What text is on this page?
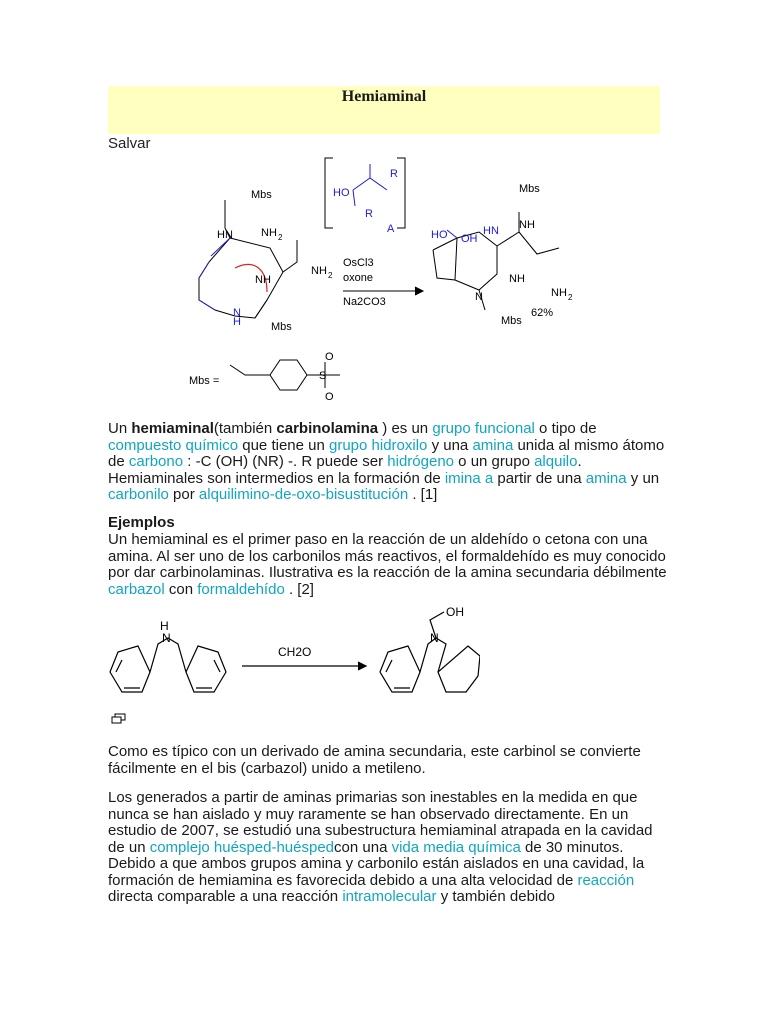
Hemiaminal
Salvar
Mbs
HN	NH 2
NH
NH 2
Mbs
H
N
HO
R
R
A
OsCl3
oxone
Na2CO3
Mbs
NH
HO OH
HN
NH
N	NH 2
Mbs
62%
Mbs =
O
O
S

Un hemiaminal(también carbinolamina ) es un grupo funcional o tipo de compuesto químico que tiene un grupo hidroxilo y una amina unida al mismo átomo de carbono : -C (OH) (NR) -. R puede ser hidrógeno o un grupo alquilo. Hemiaminales son intermedios en la formación de imina a partir de una amina y un carbonilo por alquilimino-de-oxo-bisustitución . [1]

Ejemplos

Un hemiaminal es el primer paso en la reacción de un aldehído o cetona con una amina. Al ser uno de los carbonilos más reactivos, el formaldehído es muy conocido por dar carbinolaminas. Ilustrativa es la reacción de la amina secundaria débilmente carbazol con formaldehído . [2]

H
N	N
OH
CH2O

Como es típico con un derivado de amina secundaria, este carbinol se convierte fácilmente en el bis (carbazol) unido a metileno.

Los generados a partir de aminas primarias son inestables en la medida en que nunca se han aislado y muy raramente se han observado directamente. En un estudio de 2007, se estudió una subestructura hemiaminal atrapada en la cavidad de un complejo huésped-huéspedcon una vida media química de 30 minutos. Debido a que ambos grupos amina y carbonilo están aislados en una cavidad, la formación de hemiamina es favorecida debido a una alta velocidad de reacción directa comparable a una reacción intramolecular y también debido
